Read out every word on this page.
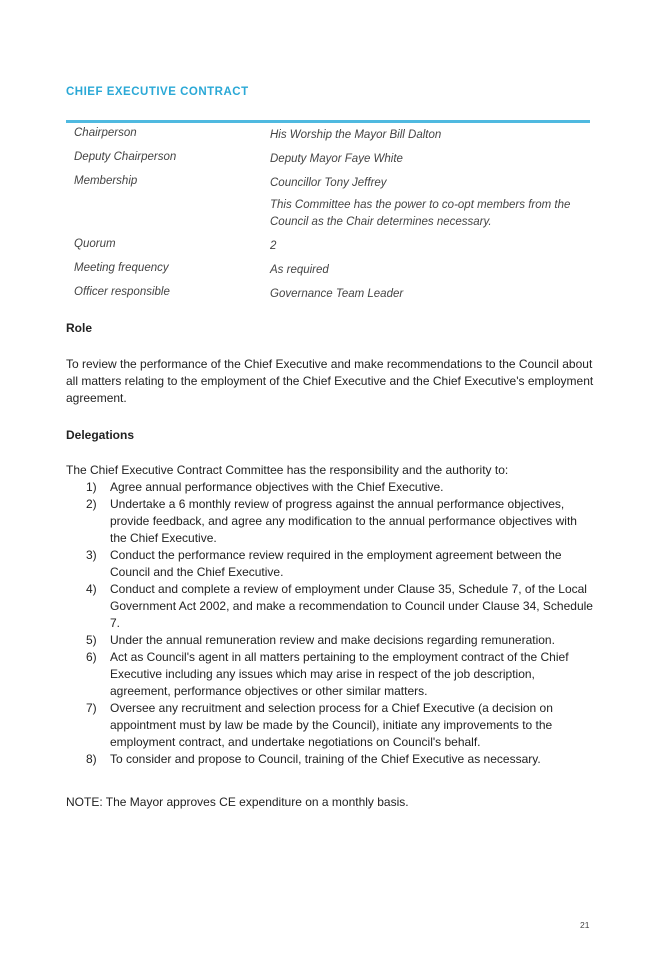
CHIEF EXECUTIVE CONTRACT
Chairperson	His Worship the Mayor Bill Dalton
Deputy Chairperson	Deputy Mayor Faye White
Membership	Councillor Tony Jeffrey
This Committee has the power to co-opt members from the Council as the Chair determines necessary.
Quorum	2
Meeting frequency	As required
Officer responsible	Governance Team Leader
Role
To review the performance of the Chief Executive and make recommendations to the Council about all matters relating to the employment of the Chief Executive and the Chief Executive's employment agreement.
Delegations
The Chief Executive Contract Committee has the responsibility and the authority to:
1) Agree annual performance objectives with the Chief Executive.
2) Undertake a 6 monthly review of progress against the annual performance objectives, provide feedback, and agree any modification to the annual performance objectives with the Chief Executive.
3) Conduct the performance review required in the employment agreement between the Council and the Chief Executive.
4) Conduct and complete a review of employment under Clause 35, Schedule 7, of the Local Government Act 2002, and make a recommendation to Council under Clause 34, Schedule 7.
5) Under the annual remuneration review and make decisions regarding remuneration.
6) Act as Council's agent in all matters pertaining to the employment contract of the Chief Executive including any issues which may arise in respect of the job description, agreement, performance objectives or other similar matters.
7) Oversee any recruitment and selection process for a Chief Executive (a decision on appointment must by law be made by the Council), initiate any improvements to the employment contract, and undertake negotiations on Council's behalf.
8) To consider and propose to Council, training of the Chief Executive as necessary.
NOTE: The Mayor approves CE expenditure on a monthly basis.
21
